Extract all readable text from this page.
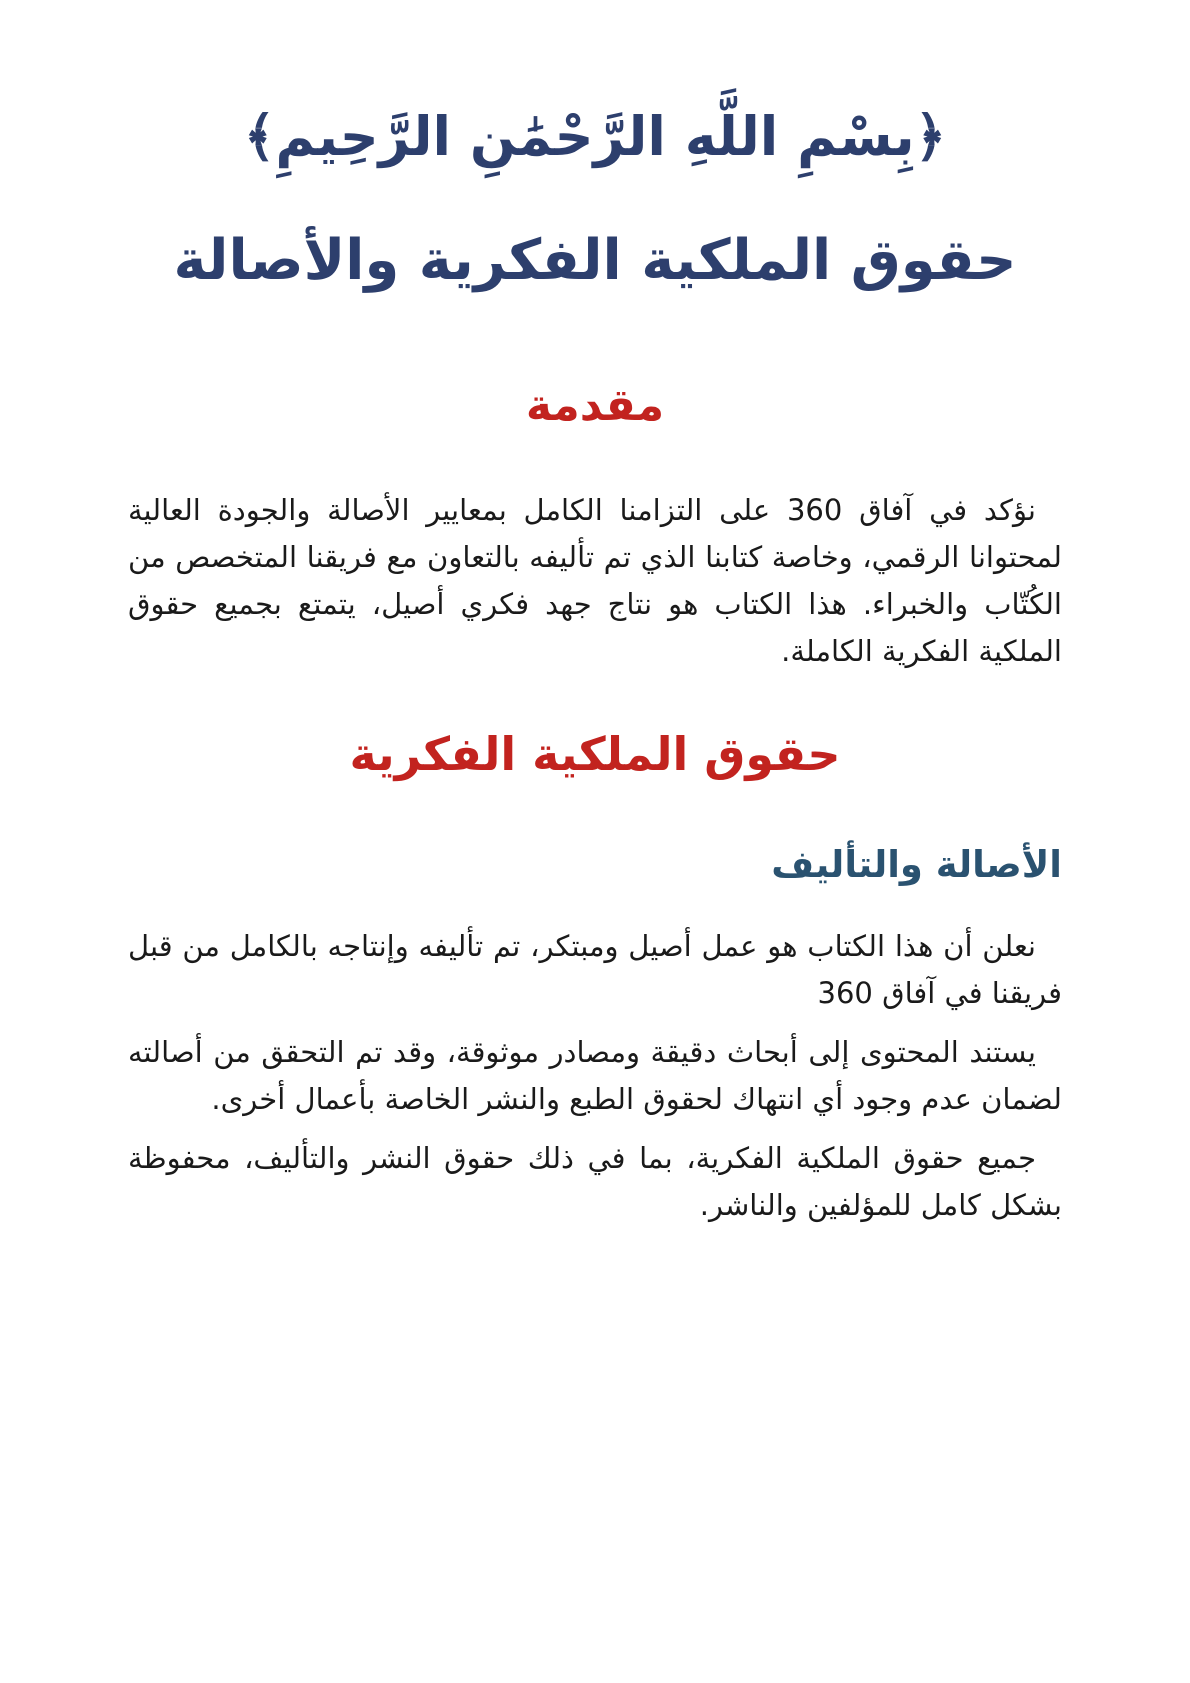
﴿بِسْمِ اللَّهِ الرَّحْمَٰنِ الرَّحِيمِ﴾
حقوق الملكية الفكرية والأصالة
مقدمة

نؤكد في آفاق 360 على التزامنا الكامل بمعايير الأصالة والجودة العالية لمحتوانا الرقمي، وخاصة كتابنا الذي تم تأليفه بالتعاون مع فريقنا المتخصص من الكُتّاب والخبراء. هذا الكتاب هو نتاج جهد فكري أصيل، يتمتع بجميع حقوق الملكية الفكرية الكاملة.

حقوق الملكية الفكرية
الأصالة والتأليف

نعلن أن هذا الكتاب هو عمل أصيل ومبتكر، تم تأليفه وإنتاجه بالكامل من قبل فريقنا في آفاق 360

يستند المحتوى إلى أبحاث دقيقة ومصادر موثوقة، وقد تم التحقق من أصالته لضمان عدم وجود أي انتهاك لحقوق الطبع والنشر الخاصة بأعمال أخرى.

جميع حقوق الملكية الفكرية، بما في ذلك حقوق النشر والتأليف، محفوظة بشكل كامل للمؤلفين والناشر.
